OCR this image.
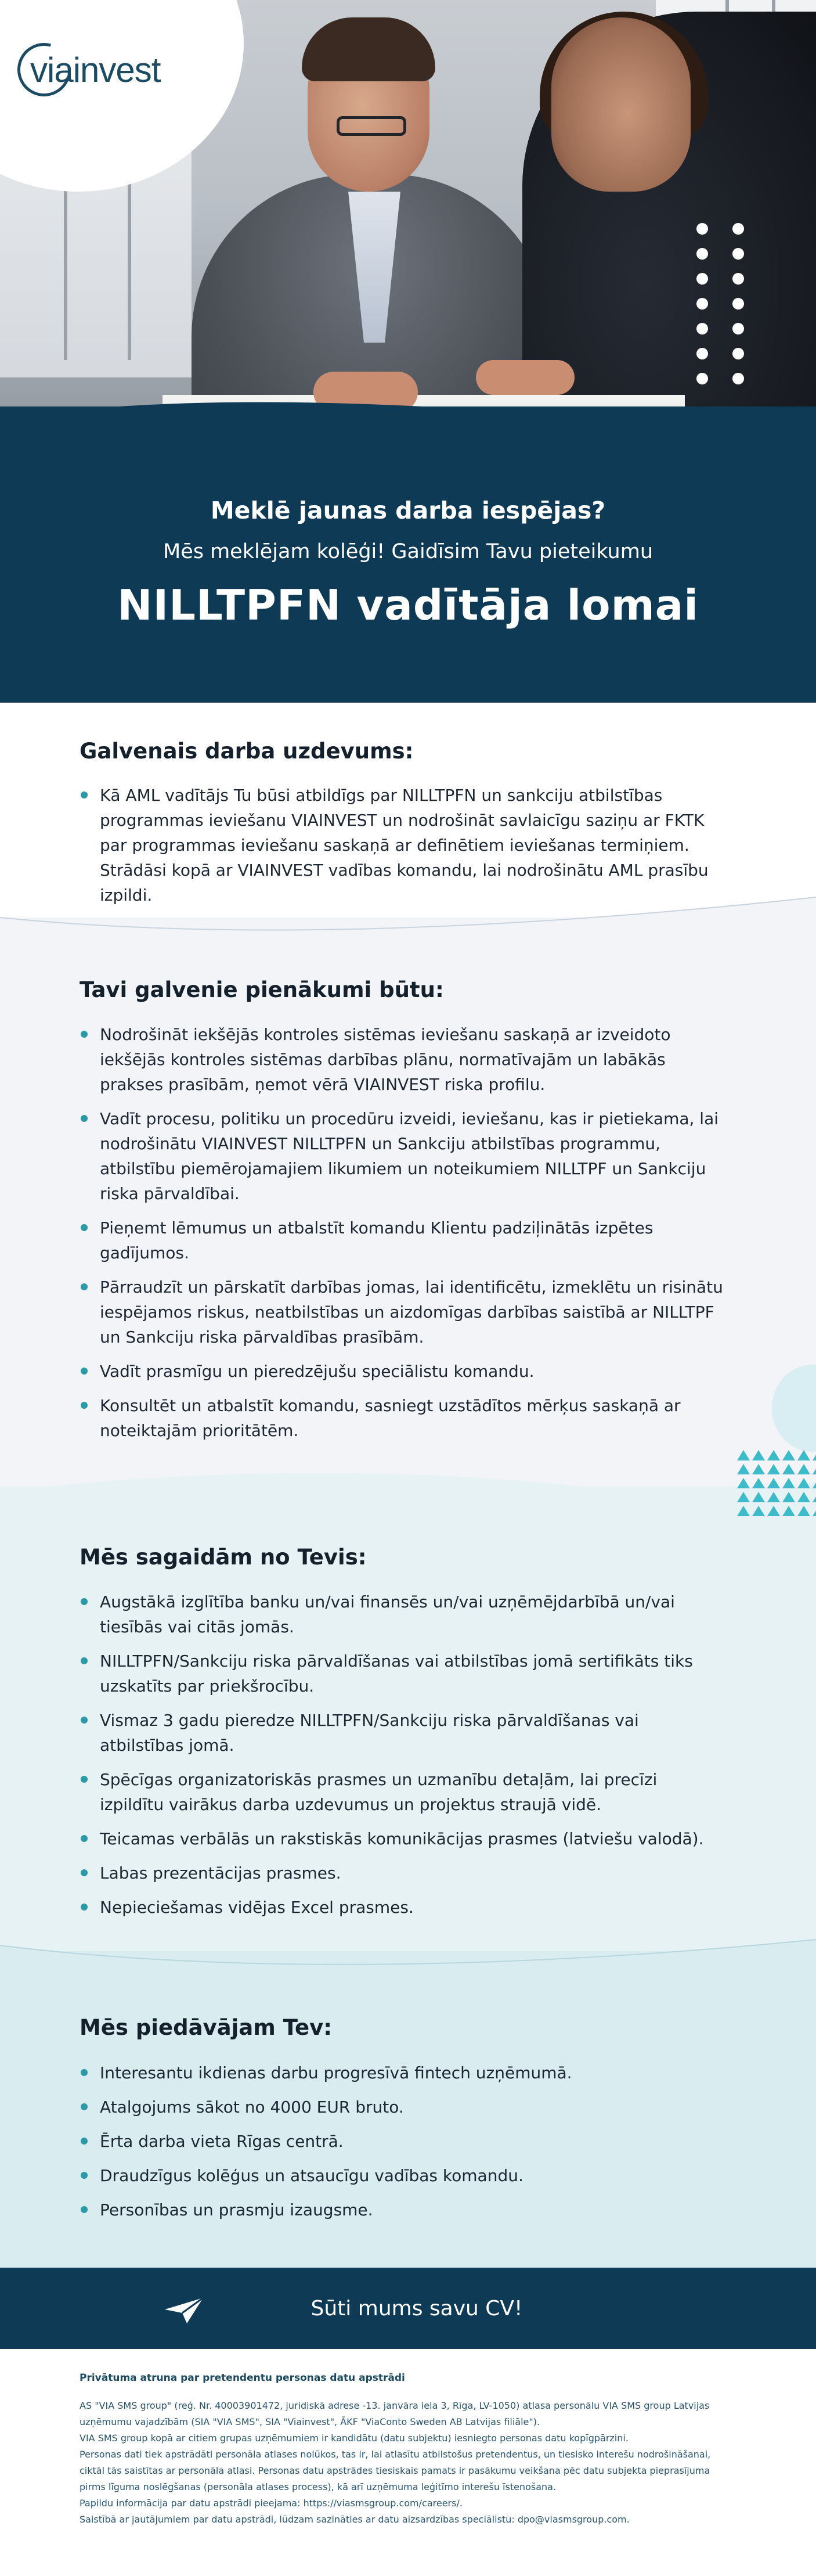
viainvest
Meklē jaunas darba iespējas?
Mēs meklējam kolēģi! Gaidīsim Tavu pieteikumu
NILLTPFN vadītāja lomai
Galvenais darba uzdevums:
Kā AML vadītājs Tu būsi atbildīgs par NILLTPFN un sankciju atbilstības programmas ieviešanu VIAINVEST un nodrošināt savlaicīgu saziņu ar FKTK par programmas ieviešanu saskaņā ar definētiem ieviešanas termiņiem. Strādāsi kopā ar VIAINVEST vadības komandu, lai nodrošinātu AML prasību izpildi.
Tavi galvenie pienākumi būtu:
Nodrošināt iekšējās kontroles sistēmas ieviešanu saskaņā ar izveidoto iekšējās kontroles sistēmas darbības plānu, normatīvajām un labākās prakses prasībām, ņemot vērā VIAINVEST riska profilu.
Vadīt procesu, politiku un procedūru izveidi, ieviešanu, kas ir pietiekama, lai nodrošinātu VIAINVEST NILLTPFN un Sankciju atbilstības programmu, atbilstību piemērojamajiem likumiem un noteikumiem NILLTPF un Sankciju riska pārvaldībai.
Pieņemt lēmumus un atbalstīt komandu Klientu padziļinātās izpētes gadījumos.
Pārraudzīt un pārskatīt darbības jomas, lai identificētu, izmeklētu un risinātu iespējamos riskus, neatbilstības un aizdomīgas darbības saistībā ar NILLTPF un Sankciju riska pārvaldības prasībām.
Vadīt prasmīgu un pieredzējušu speciālistu komandu.
Konsultēt un atbalstīt komandu, sasniegt uzstādītos mērķus saskaņā ar noteiktajām prioritātēm.
Mēs sagaidām no Tevis:
Augstākā izglītība banku un/vai finansēs un/vai uzņēmējdarbībā un/vai tiesībās vai citās jomās.
NILLTPFN/Sankciju riska pārvaldīšanas vai atbilstības jomā sertifikāts tiks uzskatīts par priekšrocību.
Vismaz 3 gadu pieredze NILLTPFN/Sankciju riska pārvaldīšanas vai atbilstības jomā.
Spēcīgas organizatoriskās prasmes un uzmanību detaļām, lai precīzi izpildītu vairākus darba uzdevumus un projektus straujā vidē.
Teicamas verbālās un rakstiskās komunikācijas prasmes (latviešu valodā).
Labas prezentācijas prasmes.
Nepieciešamas vidējas Excel prasmes.
Mēs piedāvājam Tev:
Interesantu ikdienas darbu progresīvā fintech uzņēmumā.
Atalgojums sākot no 4000 EUR bruto.
Ērta darba vieta Rīgas centrā.
Draudzīgus kolēģus un atsaucīgu vadības komandu.
Personības un prasmju izaugsme.
Sūti mums savu CV!
Privātuma atruna par pretendentu personas datu apstrādi

AS "VIA SMS group" (reģ. Nr. 40003901472, juridiskā adrese -13. janvāra iela 3, Rīga, LV-1050) atlasa personālu VIA SMS group Latvijas uzņēmumu vajadzībām (SIA "VIA SMS", SIA "Viainvest", ĀKF "ViaConto Sweden AB Latvijas filiāle").

VIA SMS group kopā ar citiem grupas uzņēmumiem ir kandidātu (datu subjektu) iesniegto personas datu kopīgpārzini.

Personas dati tiek apstrādāti personāla atlases nolūkos, tas ir, lai atlasītu atbilstošus pretendentus, un tiesisko interešu nodrošināšanai, ciktāl tās saistītas ar personāla atlasi. Personas datu apstrādes tiesiskais pamats ir pasākumu veikšana pēc datu subjekta pieprasījuma pirms līguma noslēgšanas (personāla atlases process), kā arī uzņēmuma leģitīmo interešu īstenošana.

Papildu informācija par datu apstrādi pieejama: https://viasmsgroup.com/careers/.

Saistībā ar jautājumiem par datu apstrādi, lūdzam sazināties ar datu aizsardzības speciālistu: dpo@viasmsgroup.com.
